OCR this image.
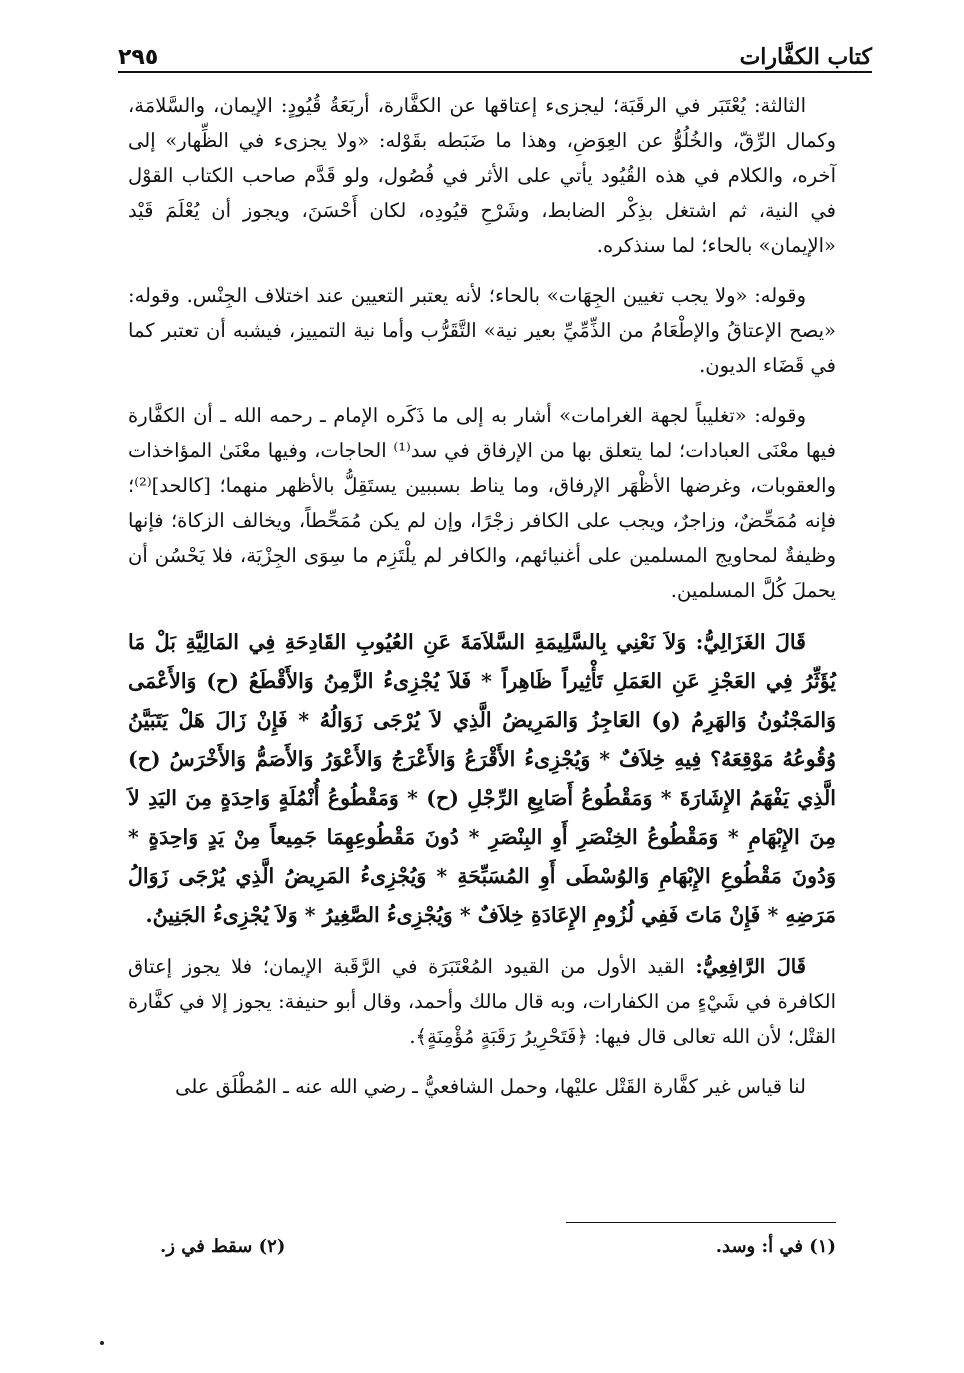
٢٩٥	كتاب الكفَّارات

الثالثة: يُعْتَبَر في الرقَبَة؛ ليجزىء إعتاقها عن الكفَّارة، أربَعَةُ قُيُودٍ: الإيمان، والسَّلامَة، وكمال الرِّقّ، والخُلُوُّ عن العِوَضِ، وهذا ما ضَبَطه بقَوْله: «ولا يجزىء في الظِّهار» إلى آخره، والكلام في هذه القُيُود يأتي على الأثر في فُصُول، ولو قَدَّم صاحب الكتاب القوْل في النية، ثم اشتغل بذِكْر الضابط، وشَرْحِ قيُودِه، لكان أَحْسَنَ، ويجوز أن يُعْلَمَ قَيْد «الإيمان» بالحاء؛ لما سنذكره.

وقوله: «ولا يجب تغيين الجِهَات» بالحاء؛ لأنه يعتبر التعيين عند اختلاف الجِنْس. وقوله: «يصح الإعتاقُ والإطْعَامُ من الذِّمِّيِّ بعير نية» التَّقَرُّب وأما نية التمييز، فيشبه أن تعتبر كما في قَضَاء الديون.

وقوله: «تغليباً لجهة الغرامات» أشار به إلى ما ذَكَره الإمام ـ رحمه الله ـ أن الكفَّارة فيها معْنَى العبادات؛ لما يتعلق بها من الإرفاق في سد⁽¹⁾ الحاجات، وفيها معْنَىٰ المؤاخذات والعقوبات، وغرضها الأظْهَر الإرفاق، وما يناط بسببين يستَقِلُّ بالأظهر منهما؛ [كالحد]⁽²⁾؛ فإنه مُمَحِّضٌ، وزاجرٌ، ويجب على الكافر زجْرًا، وإن لم يكن مُمَحِّطاً، ويخالف الزكاة؛ فإنها وظيفةٌ لمحاويج المسلمين على أغنيائهم، والكافر لم يلْتَزِم ما سِوَى الجِزْيَة، فلا يَحْسُن أن يحملَ كُلَّ المسلمين.

قَالَ الغَزَالِيُّ: وَلاَ نَعْنِي بِالسَّلِيمَةِ السَّلاَمَةَ عَنِ العُيُوبِ القَادِحَةِ فِي المَالِيَّةِ بَلْ مَا يُؤَثِّرُ فِي العَجْزِ عَنِ العَمَلِ تَأْثِيراً ظَاهِراً * فَلاَ يُجْزِىءُ الزَّمِنُ وَالأَقْطَعُ (ح) وَالأَعْمَى وَالمَجْنُونُ وَالهَرِمُ (و) العَاجِزُ وَالمَرِيضُ الَّذِي لاَ يُرْجَى زَوَالُهُ * فَإِنْ زَالَ هَلْ يَتَبَيَّنُ وُقُوعُهُ مَوْقِعَهُ؟ فِيهِ خِلاَفٌ * وَيُجْزِىءُ الأَقْرَعُ وَالأَعْرَجُ وَالأَعْوَرُ وَالأَصَمُّ وَالأَخْرَسُ (ح) الَّذِي يَفْهَمُ الإِشَارَةَ * وَمَقْطُوعُ أَصَابِعِ الرِّجْلِ (ح) * وَمَقْطُوعُ أُنْمُلَةٍ وَاحِدَةٍ مِنَ اليَدِ لاَ مِنَ الإِبْهَامِ * وَمَقْطُوعُ الخِنْصَرِ أَوِ البِنْصَرِ * دُونَ مَقْطُوعِهِمَا جَمِيعاً مِنْ يَدٍ وَاحِدَةٍ * وَدُونَ مَقْطُوعِ الإِبْهَامِ وَالوُسْطَى أَوِ المُسَبِّحَةِ * وَيُجْزِىءُ المَرِيضُ الَّذِي يُرْجَى زَوَالُ مَرَضِهِ * فَإِنْ مَاتَ فَفِي لُزُومِ الإِعَادَةِ خِلاَفٌ * وَيُجْزِىءُ الصَّغِيرُ * وَلاَ يُجْزِىءُ الجَنِينُ.

قَالَ الرَّافِعِيُّ: القيد الأول من القيود المُعْتَبَرَة في الرَّقَبة الإيمان؛ فلا يجوز إعتاق الكافرة في شَيْءٍ من الكفارات، وبه قال مالك وأحمد، وقال أبو حنيفة: يجوز إلا في كفَّارة القتْل؛ لأن الله تعالى قال فيها: ﴿فَتَحْرِيرُ رَقَبَةٍ مُؤْمِنَةٍ﴾.

لنا قياس غير كفَّارة القَتْل عليْها، وحمل الشافعيُّ ـ رضي الله عنه ـ المُطْلَق على

(١) في أ: وسد.
(٢) سقط في ز.
